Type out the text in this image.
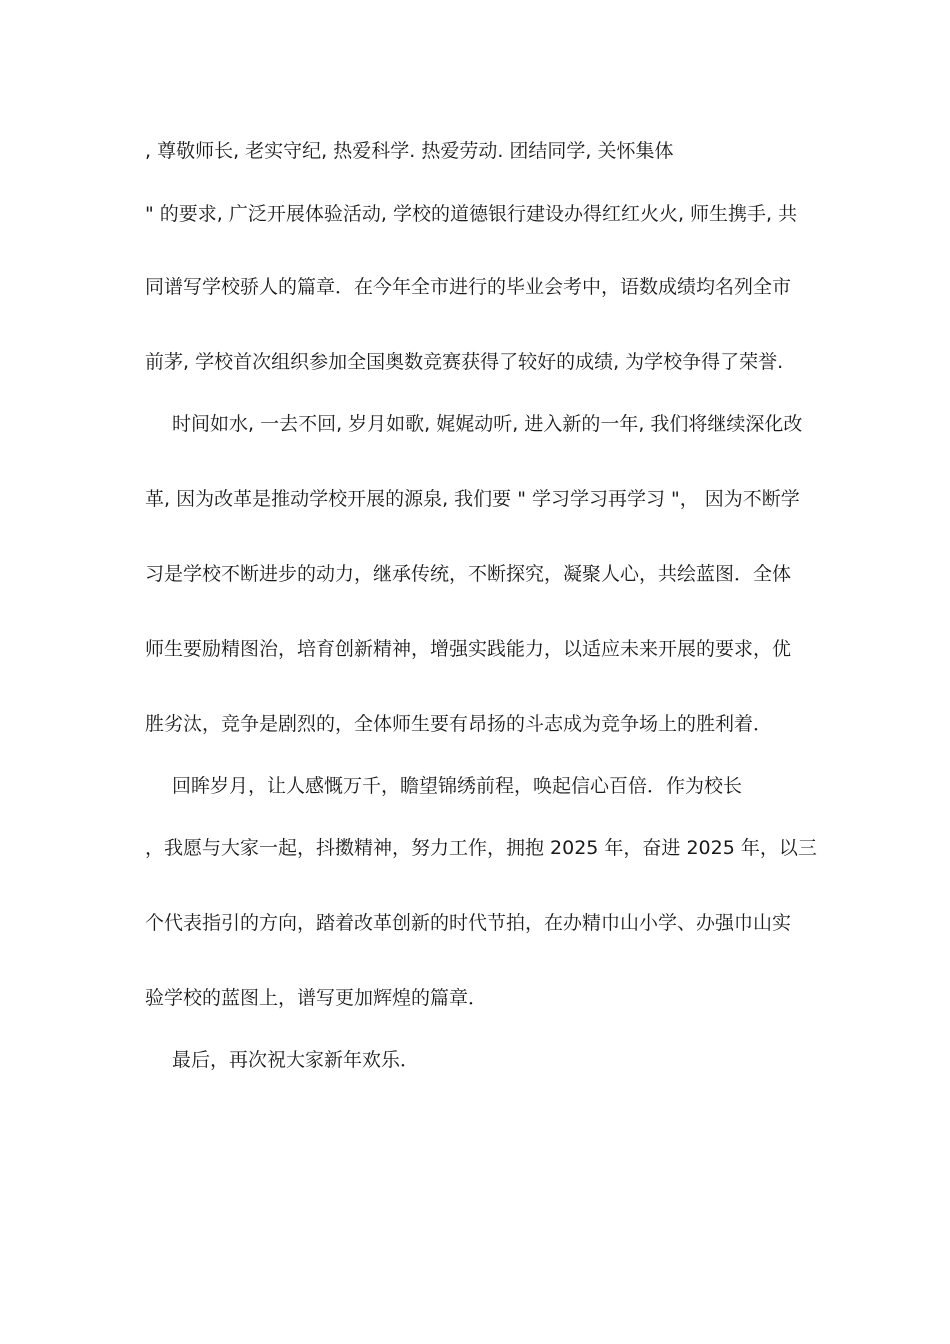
, 尊敬师长, 老实守纪, 热爱科学. 热爱劳动. 团结同学, 关怀集体
" 的要求, 广泛开展体验活动, 学校的道德银行建设办得红红火火, 师生携手, 共
同谱写学校骄人的篇章．在今年全市进行的毕业会考中，语数成绩均名列全市
前茅, 学校首次组织参加全国奥数竞赛获得了较好的成绩, 为学校争得了荣誉.
时间如水, 一去不回, 岁月如歌, 娓娓动听, 进入新的一年, 我们将继续深化改
革, 因为改革是推动学校开展的源泉, 我们要 " 学习学习再学习 "， 因为不断学
习是学校不断进步的动力，继承传统，不断探究，凝聚人心，共绘蓝图．全体
师生要励精图治，培育创新精神，增强实践能力，以适应未来开展的要求，优
胜劣汰，竞争是剧烈的，全体师生要有昂扬的斗志成为竞争场上的胜利着．
回眸岁月，让人感慨万千，瞻望锦绣前程，唤起信心百倍．作为校长
，我愿与大家一起，抖擞精神，努力工作，拥抱 2025 年，奋进 2025 年，以三
个代表指引的方向，踏着改革创新的时代节拍，在办精巾山小学、办强巾山实
验学校的蓝图上，谱写更加辉煌的篇章．
最后，再次祝大家新年欢乐．
